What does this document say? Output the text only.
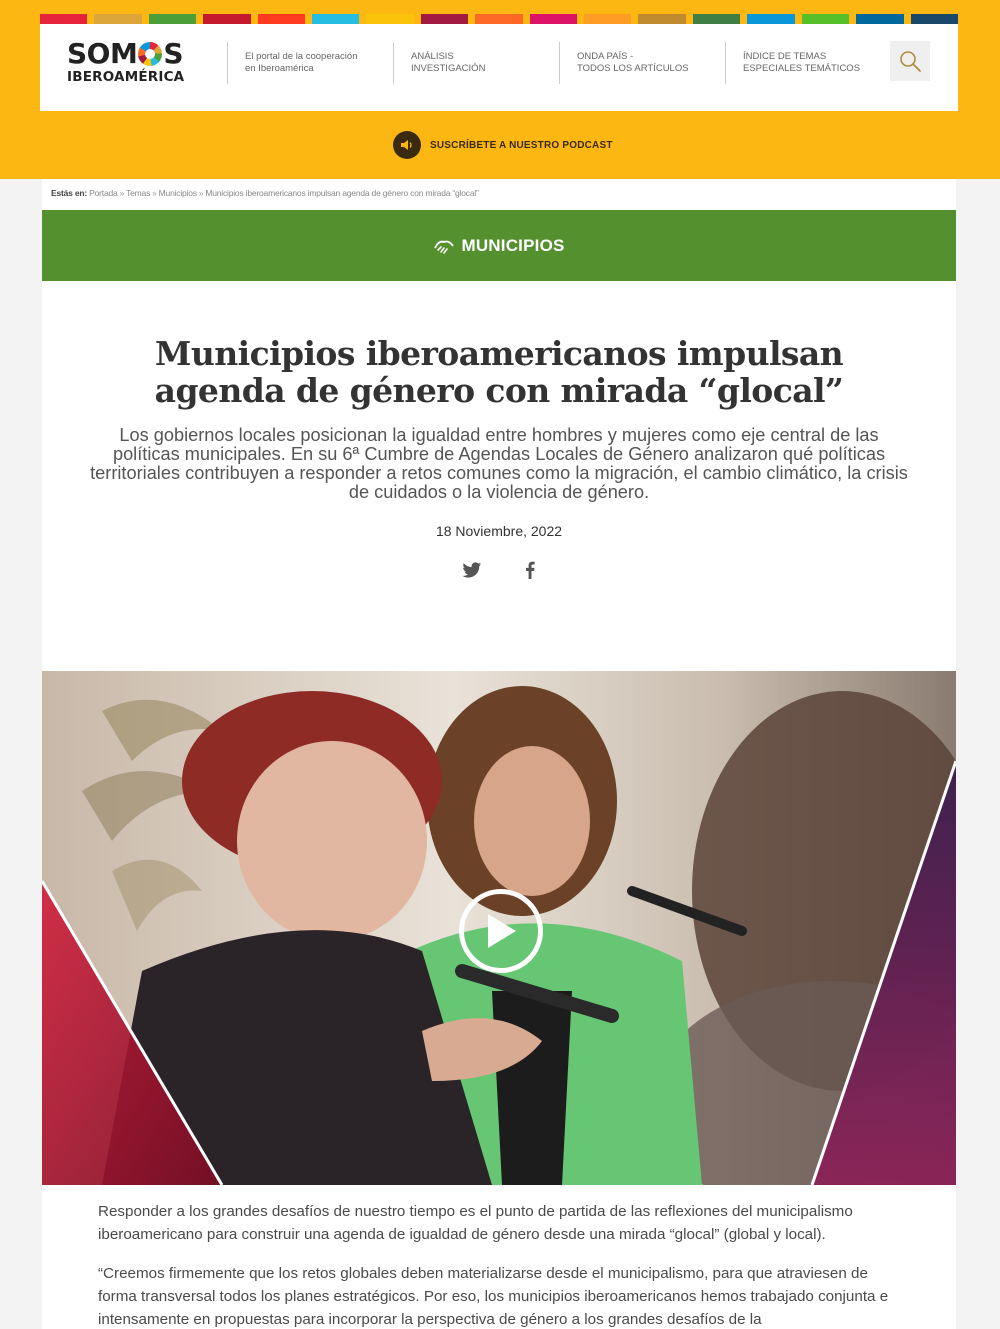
SOM S
IBEROAMÉRICA
El portal de la cooperación
en Iberoamérica
ANÁLISIS
INVESTIGACIÓN
ONDA PAÍS -
TODOS LOS ARTÍCULOS
ÍNDICE DE TEMAS
ESPECIALES TEMÁTICOS
SUSCRÍBETE A NUESTRO PODCAST
Estás en: Portada » Temas » Municipios » Municipios iberoamericanos impulsan agenda de género con mirada “glocal”
MUNICIPIOS
Municipios iberoamericanos impulsan
agenda de género con mirada “glocal”

Los gobiernos locales posicionan la igualdad entre hombres y mujeres como eje central de las políticas municipales. En su 6ª Cumbre de Agendas Locales de Género analizaron qué políticas territoriales contribuyen a responder a retos comunes como la migración, el cambio climático, la crisis de cuidados o la violencia de género.

18 Noviembre, 2022

Responder a los grandes desafíos de nuestro tiempo es el punto de partida de las reflexiones del municipalismo iberoamericano para construir una agenda de igualdad de género desde una mirada “glocal” (global y local).

“Creemos firmemente que los retos globales deben materializarse desde el municipalismo, para que atraviesen de forma transversal todos los planes estratégicos. Por eso, los municipios iberoamericanos hemos trabajado conjunta e intensamente en propuestas para incorporar la perspectiva de género a los grandes desafíos de la
